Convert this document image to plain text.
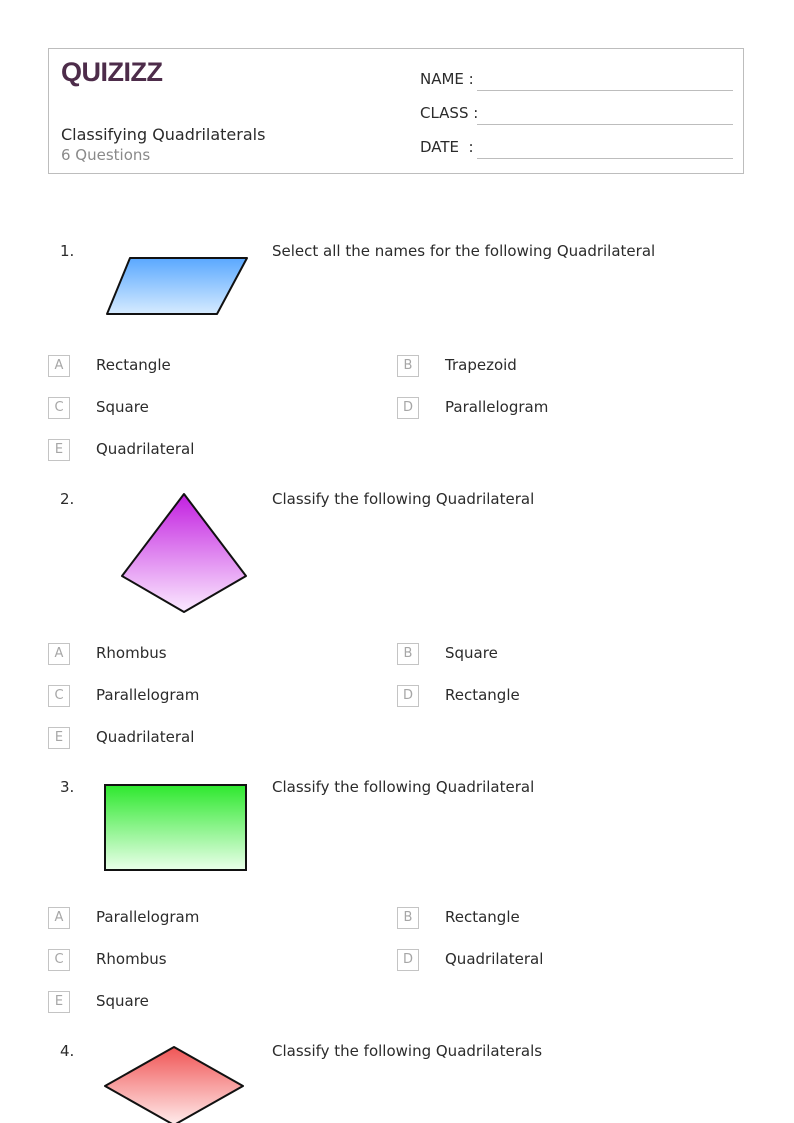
QUIZIZZ
Classifying Quadrilaterals
6 Questions
NAME :
CLASS :
DATE  :
1.	Select all the names for the following Quadrilateral
A	Rectangle	B	Trapezoid
C	Square	D	Parallelogram
E	Quadrilateral
2.	Classify the following Quadrilateral
A	Rhombus	B	Square
C	Parallelogram	D	Rectangle
E	Quadrilateral
3.	Classify the following Quadrilateral
A	Parallelogram	B	Rectangle
C	Rhombus	D	Quadrilateral
E	Square
4.	Classify the following Quadrilaterals
